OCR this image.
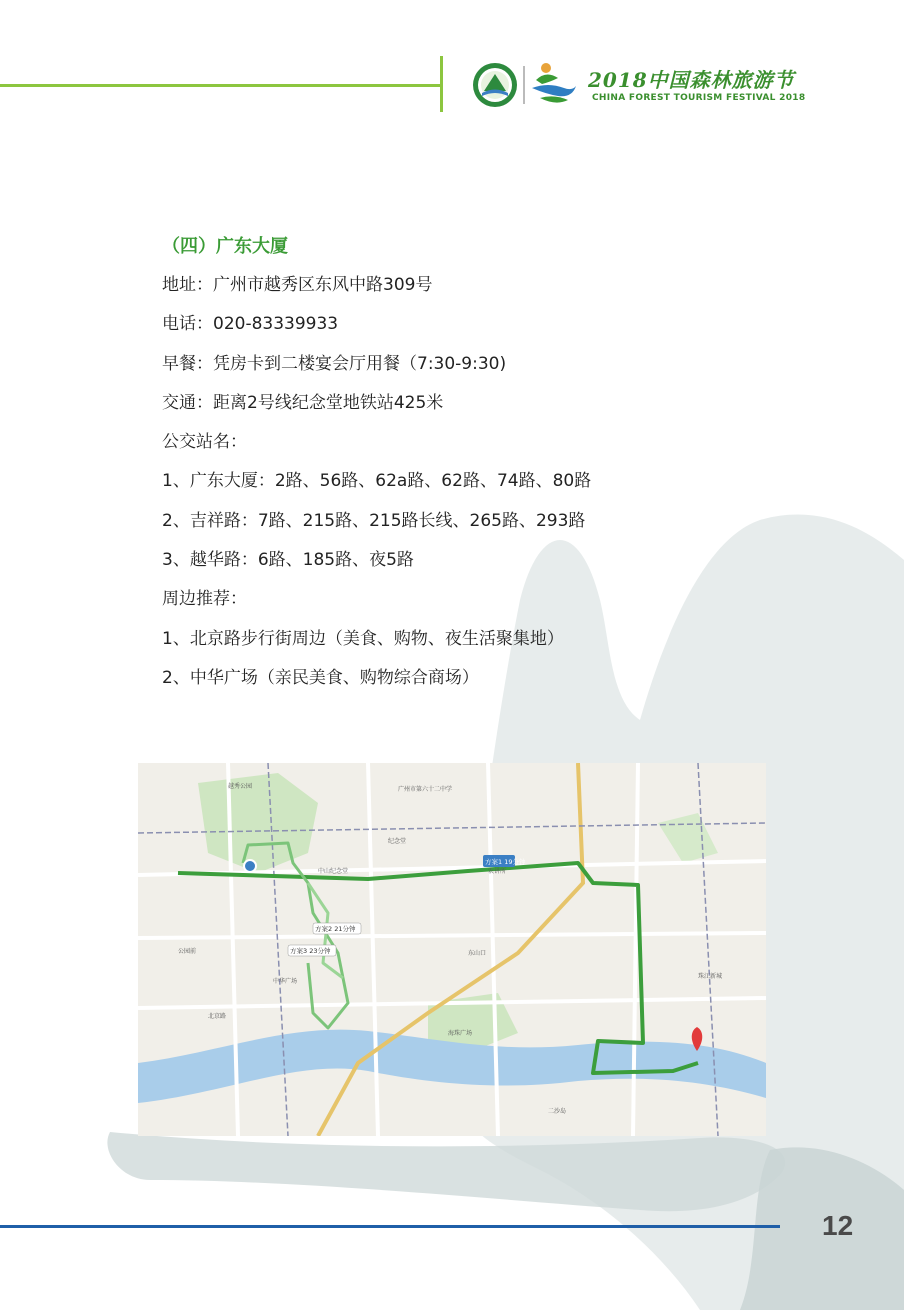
2018中国森林旅游节
CHINA FOREST TOURISM FESTIVAL 2018
（四）广东大厦
地址：广州市越秀区东风中路309号
电话：020-83339933
早餐：凭房卡到二楼宴会厅用餐（7:30-9:30)
交通：距离2号线纪念堂地铁站425米
公交站名：
1、广东大厦：2路、56路、62a路、62路、74路、80路
2、吉祥路：7路、215路、215路长线、265路、293路
3、越华路：6路、185路、夜5路
周边推荐：
1、北京路步行街周边（美食、购物、夜生活聚集地）
2、中华广场（亲民美食、购物综合商场）
方案1 19分钟
方案2 21分钟
方案3 23分钟
越秀公园	广州市第六十二中学
纪念堂
北京路
中山纪念堂
中华广场
海珠广场
二沙岛
东山口
农讲所
公园前
珠江新城
12
